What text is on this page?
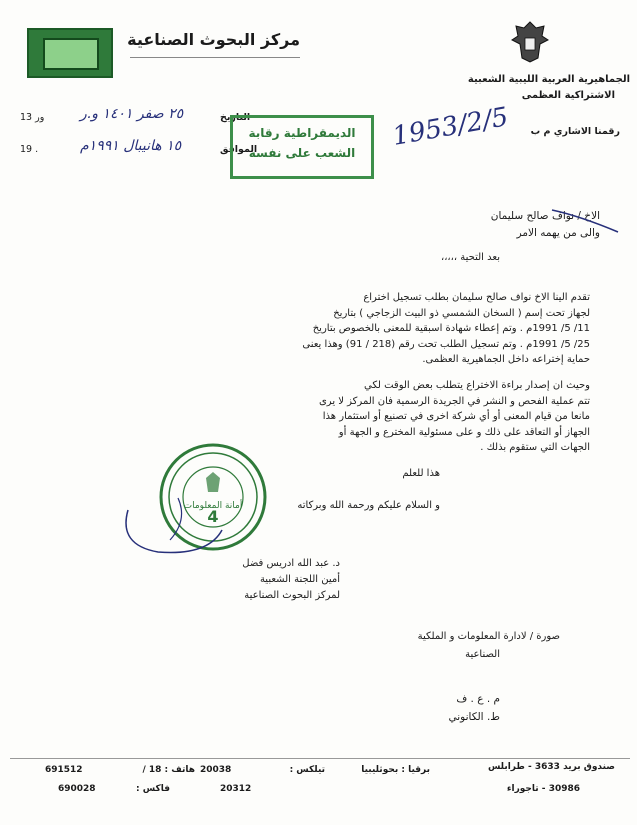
الجماهيرية العربية الليبية الشعبية
الاشتراكية العظمى
مركز البحوث الصناعية
رقمنا الاشاري م ب
1953/2/5
13 ور	٢٥ صفر ١٤٠١ و.ر	التاريخ
19 .	١٥ هانيبال ١٩٩١م	الموافق
الديمقراطية رقابة
الشعب على نفسه
الاخ / نواف صالح سليمان
والى من يهمه الامر
بعد التحية ،،،،،
تقدم الينا الاخ نواف صالح سليمان بطلب تسجيل اختراع
لجهاز تحت إسم ( السخان الشمسي ذو البيت الزجاجي ) بتاريخ
11/ 5/ 1991م . وتم إعطاء شهادة اسبقية للمعنى بالخصوص بتاريخ
25/ 5/ 1991م . وتم تسجيل الطلب تحت رقم (218 / 91) وهذا يعنى
حماية إختراعه داخل الجماهيرية العظمى.
وحيث ان إصدار براءة الاختراع يتطلب بعض الوقت لكي
تتم عملية الفحص و النشر في الجريدة الرسمية فان المركز لا يرى
مانعا من قيام المعنى أو أي شركة اخرى في تصنيع أو استثمار هذا
الجهاز أو التعاقد على ذلك و على مسئولية المخترع و الجهة أو
الجهات التي ستقوم بذلك .
هذا للعلم
و السلام عليكم ورحمة الله وبركاته
4
أمانة المعلومات
د. عبد الله ادريس فضل
أمين اللجنة الشعبية
لمركز البحوث الصناعية
صورة / لادارة المعلومات و الملكية
الصناعية
م . ع . ف
ط. الكانوني
صندوق بريد 3633 - طرابلس
برقيا : بحوثليبيا
تيلكس :
20038
هاتف : 18 /
691512
30986 - تاجوراء
20312
فاكس :
690028
